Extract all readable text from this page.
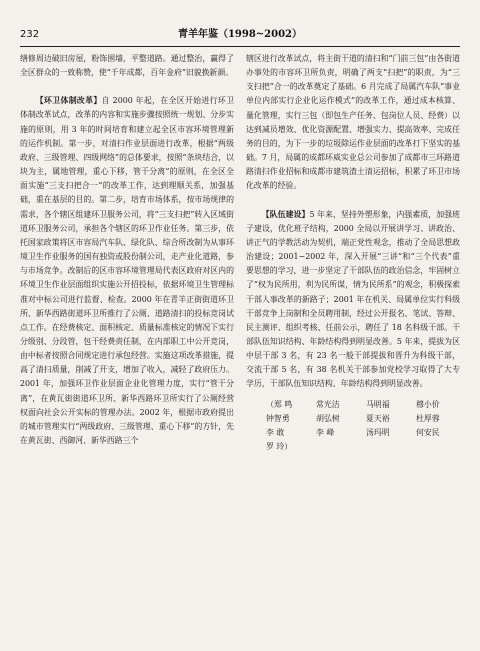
232	青羊年鉴（1998~2002）

缮修周边破旧房屋，粉饰围墙，平整道路。通过整治，赢得了全区群众的一致称赞，使“千年成都，百年金府”旧貌换新颜。

【环卫体制改革】自 2000 年起，在全区开始进行环卫体制改革试点，改革的内容和实施步骤按照统一规划、分步实施的原则，用 3 年的时间培育和建立起全区市容环境管理新的运作机制。第一步，对清扫作业层面进行改革，根据“两级政府、三级管理、四级网络”的总体要求，按照“条块结合，以块为主，属地管理，重心下移，管干分离”的原则，在全区全面实施“三支扫把合一”的改革工作，达到理顺关系，加强基础，重在基层的目的。第二步，培育市场体系，按市场规律的需求，各个辖区组建环卫服务公司，将“三支扫把”转入区域街道环卫服务公司，承担各个辖区的环卫作业任务。第三步，依托国家政策将区市容局汽车队、绿化队、综合所改制为从事环境卫生作业服务的国有独资或股份制公司，走产业化道路，参与市场竞争。改制后的区市容环境管理局代表区政府对区内的环境卫生作业层面组织实施公开招投标，依据环境卫生管理标准对中标公司进行监督、检查。2000 年在青羊正街街道环卫所、新华西路街道环卫所推行了公厕、道路清扫的投标竞岗试点工作。在经费核定、面积核定、质量标准核定的情况下实行分级别、分段管，包干经费责任制，在内部职工中公开竞岗，由中标者按照合同规定进行承包经营。实施这项改革措施，提高了清扫质量，削减了开支，增加了收入，减轻了政府压力。2001 年，加强环卫作业层面企业化管理力度，实行“管干分离”，在黄瓦街街道环卫所、新华西路环卫所实行了公厕经营权面向社会公开实标的管理办法。2002 年，根据市政府提出的城市管理实行“两级政府、三级管理、重心下移”的方针，先在黄瓦街、西御河、新华西路三个

辖区进行改革试点，将主街干道的清扫和“门前三包”由各街道办事处的市容环卫所负责，明确了两支“扫把”的职责，为“三支扫把”合一的改革奠定了基础。6 月完成了局属汽车队“事业单位内部实行企业化运作模式”的改革工作，通过成本核算、量化管理，实行三包（即包生产任务、包岗位人员、经费）以达到减员增效、优化资源配置、增强实力、提高效率、完成任务的目的，为下一步的垃圾除运作业层面的改革打下坚实的基础。7 月，局属的成都环威实业总公司参加了成都市三环路道路清扫作业招标和成都市建筑渣土清运招标，积累了环卫市场化改革的经验。

【队伍建设】5 年来，坚持外塑形象，内强素质，加强班子建设，优化班子结构，2000 全局以开展讲学习、讲政治、讲正气的学教活动为契机，端正党性观念，推动了全局思想政治建设；2001~2002 年，深入开展“三讲”和“三个代表”重要思想的学习，进一步坚定了干部队伍的政治信念，牢固树立了“权为民所用，利为民所谋，情为民所系”的观念，积极探索干部人事改革的新路子；2001 年在机关、局属单位实行科级干部竞争上岗制和全员聘用制，经过公开报名、笔试、答辩、民主测评、组织考核、任前公示，聘任了 18 名科级干部。干部队伍知识结构、年龄结构得到明显改善。5 年来，提拔为区中层干部 3 名，有 23 名一般干部提拔和晋升为科级干部，交流干部 5 名，有 38 名机关干部参加党校学习取得了大专学历，干部队伍知识结构、年龄结构得到明显改善。

（郑 鸣	常光洁	马明福	穆小价
钟智勇	胡弘树	夏天裕	杜厚蓉
李 敢	李 峰	汤玛明	何安民
罗 玲）
